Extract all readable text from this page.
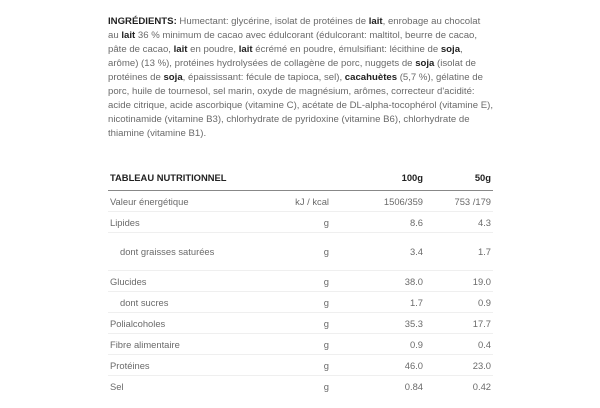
INGRÉDIENTS: Humectant: glycérine, isolat de protéines de lait, enrobage au chocolat au lait 36 % minimum de cacao avec édulcorant (édulcorant: maltitol, beurre de cacao, pâte de cacao, lait en poudre, lait écrémé en poudre, émulsifiant: lécithine de soja, arôme) (13 %), protéines hydrolysées de collagène de porc, nuggets de soja (isolat de protéines de soja, épaississant: fécule de tapioca, sel), cacahuètes (5,7 %), gélatine de porc, huile de tournesol, sel marin, oxyde de magnésium, arômes, correcteur d'acidité: acide citrique, acide ascorbique (vitamine C), acétate de DL-alpha-tocophérol (vitamine E), nicotinamide (vitamine B3), chlorhydrate de pyridoxine (vitamine B6), chlorhydrate de thiamine (vitamine B1).

TABLEAU NUTRITIONNEL		100g	50g
Valeur énergétique	kJ / kcal	1506/359	753 /179
Lipides	g	8.6	4.3
dont graisses saturées	g	3.4	1.7
Glucides	g	38.0	19.0
dont sucres	g	1.7	0.9
Polialcoholes	g	35.3	17.7
Fibre alimentaire	g	0.9	0.4
Protéines	g	46.0	23.0
Sel	g	0.84	0.42
